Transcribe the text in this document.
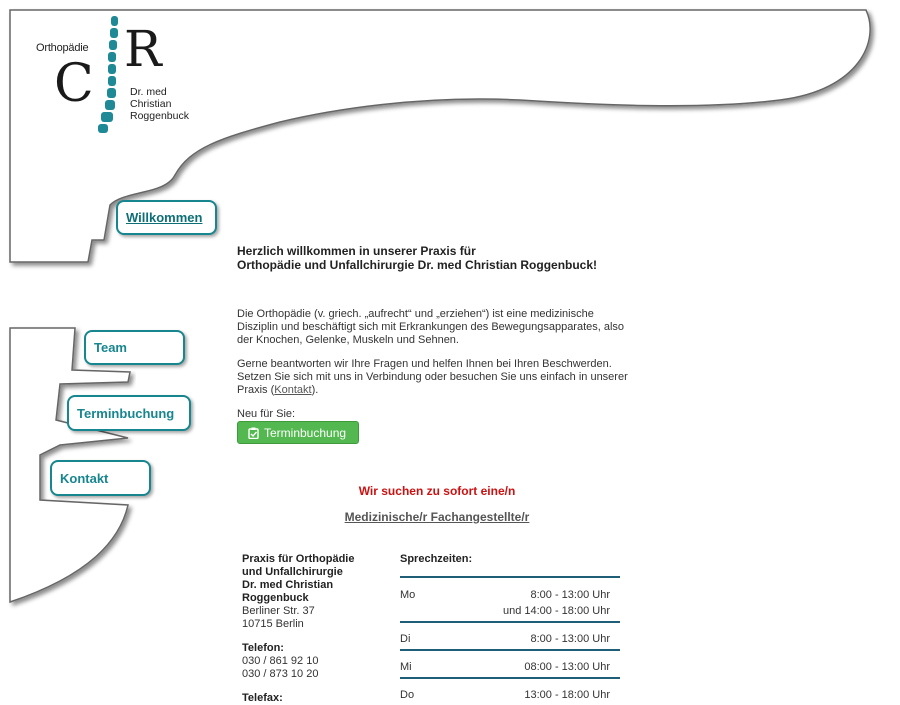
Orthopädie
C
R
Dr. med
Christian
Roggenbuck
Willkommen
Team
Terminbuchung
Kontakt

Herzlich willkommen in unserer Praxis für
Orthopädie und Unfallchirurgie Dr. med Christian Roggenbuck!

Die Orthopädie (v. griech. „aufrecht“ und „erziehen“) ist eine medizinische Disziplin und beschäftigt sich mit Erkrankungen des Bewegungsapparates, also der Knochen, Gelenke, Muskeln und Sehnen.

Gerne beantworten wir Ihre Fragen und helfen Ihnen bei Ihren Beschwerden. Setzen Sie sich mit uns in Verbindung oder besuchen Sie uns einfach in unserer Praxis (Kontakt).

Neu für Sie:

Terminbuchung
Wir suchen zu sofort eine/n
Medizinische/r Fachangestellte/r
Praxis für Orthopädie
und Unfallchirurgie
Dr. med Christian
Roggenbuck
Berliner Str. 37
10715 Berlin

Telefon:
030 / 861 92 10
030 / 873 10 20

Telefax:
Sprechzeiten:
Mo	8:00 - 13:00 Uhr
und 14:00 - 18:00 Uhr
Di	8:00 - 13:00 Uhr
Mi	08:00 - 13:00 Uhr
Do	13:00 - 18:00 Uhr
